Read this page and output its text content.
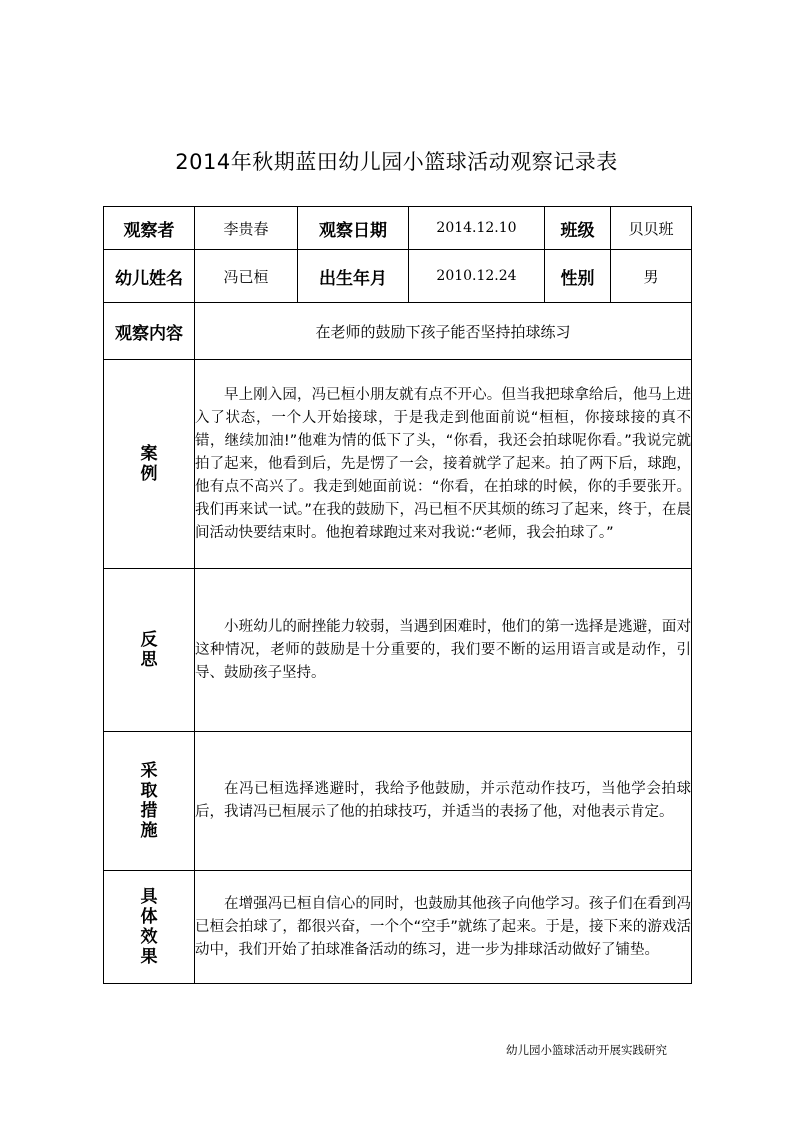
2014年秋期蓝田幼儿园小篮球活动观察记录表
观察者	李贵春	观察日期	2014.12.10	班级	贝贝班
幼儿姓名	冯已桓	出生年月	2010.12.24	性别	男
观察内容	在老师的鼓励下孩子能否坚持拍球练习				

案
例	早上刚入园，冯已桓小朋友就有点不开心。但当我把球拿给后，他马上进入了状态，一个人开始接球，于是我走到他面前说“桓桓，你接球接的真不错，继续加油!”他难为情的低下了头，“你看，我还会拍球呢你看。”我说完就拍了起来，他看到后，先是愣了一会，接着就学了起来。拍了两下后，球跑，他有点不高兴了。我走到她面前说：“你看，在拍球的时候，你的手要张开。我们再来试一试。”在我的鼓励下，冯已桓不厌其烦的练习了起来，终于，在晨间活动快要结束时。他抱着球跑过来对我说:“老师，我会拍球了。”				

反
思	小班幼儿的耐挫能力较弱，当遇到困难时，他们的第一选择是逃避，面对这种情况，老师的鼓励是十分重要的，我们要不断的运用语言或是动作，引导、鼓励孩子坚持。				

采
取
措
施	在冯已桓选择逃避时，我给予他鼓励，并示范动作技巧，当他学会拍球后，我请冯已桓展示了他的拍球技巧，并适当的表扬了他，对他表示肯定。				

具
体
效
果	在增强冯已桓自信心的同时，也鼓励其他孩子向他学习。孩子们在看到冯已桓会拍球了，都很兴奋，一个个“空手”就练了起来。于是，接下来的游戏活动中，我们开始了拍球准备活动的练习，进一步为排球活动做好了铺垫。				
幼儿园小篮球活动开展实践研究
